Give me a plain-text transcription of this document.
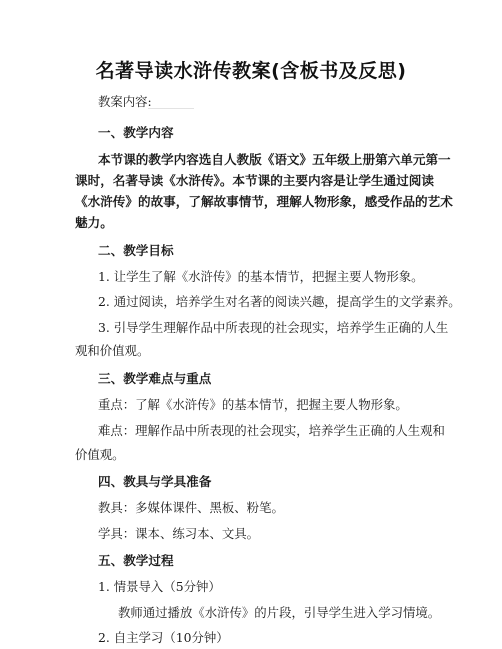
名著导读水浒传教案(含板书及反思)
教案内容:
一、教学内容
本节课的教学内容选自人教版《语文》五年级上册第六单元第一
课时，名著导读《水浒传》。本节课的主要内容是让学生通过阅读
《水浒传》的故事，了解故事情节，理解人物形象，感受作品的艺术
魅力。
二、教学目标
1. 让学生了解《水浒传》的基本情节，把握主要人物形象。
2. 通过阅读，培养学生对名著的阅读兴趣，提高学生的文学素养。
3. 引导学生理解作品中所表现的社会现实，培养学生正确的人生
观和价值观。
三、教学难点与重点
重点：了解《水浒传》的基本情节，把握主要人物形象。
难点：理解作品中所表现的社会现实，培养学生正确的人生观和
价值观。
四、教具与学具准备
教具：多媒体课件、黑板、粉笔。
学具：课本、练习本、文具。
五、教学过程
1. 情景导入（5分钟）
教师通过播放《水浒传》的片段，引导学生进入学习情境。
2. 自主学习（10分钟）
